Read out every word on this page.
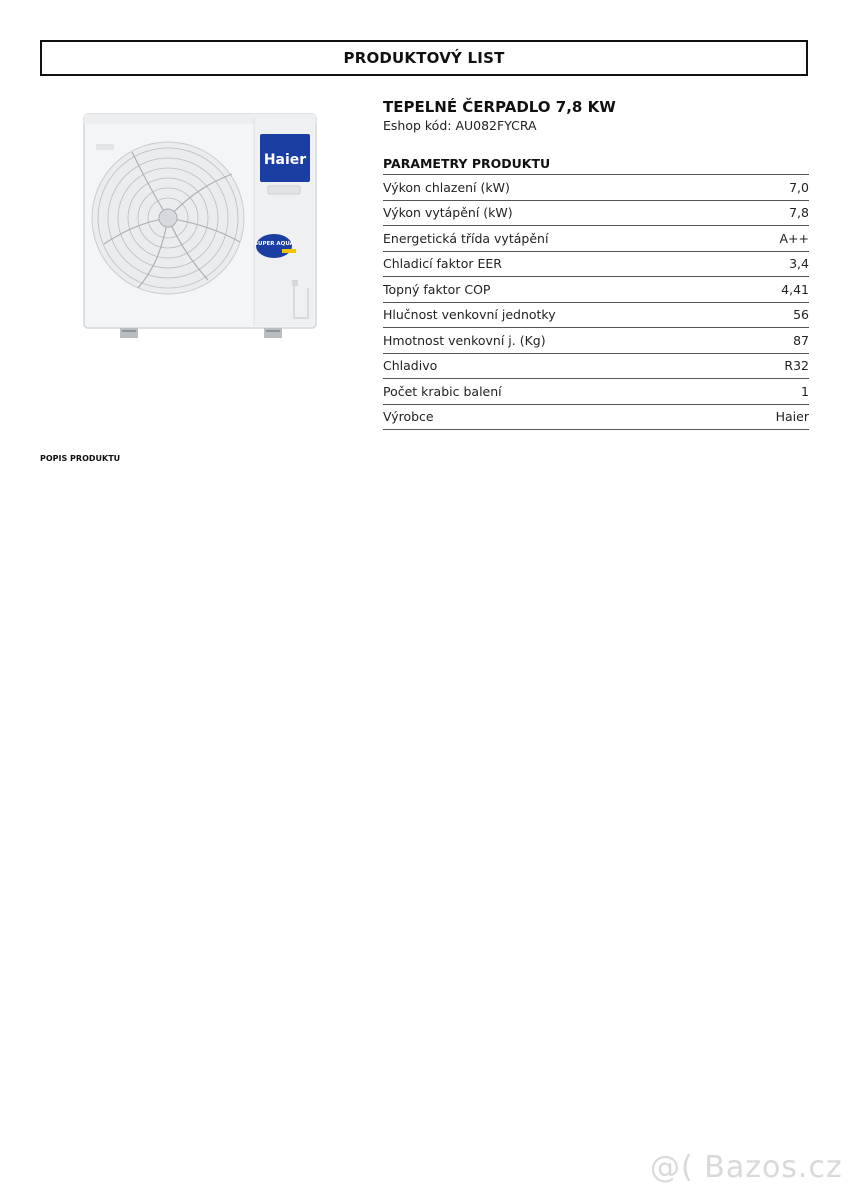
PRODUKTOVÝ LIST
Haier
SUPER AQUA

TEPELNÉ ČERPADLO 7,8 KW

Eshop kód: AU082FYCRA

PARAMETRY PRODUKTU
Výkon chlazení (kW)	7,0
Výkon vytápění (kW)	7,8
Energetická třída vytápění	A++
Chladicí faktor EER	3,4
Topný faktor COP	4,41
Hlučnost venkovní jednotky	56
Hmotnost venkovní j. (Kg)	87
Chladivo	R32
Počet krabic balení	1
Výrobce	Haier
POPIS PRODUKTU
@( Bazos.cz
